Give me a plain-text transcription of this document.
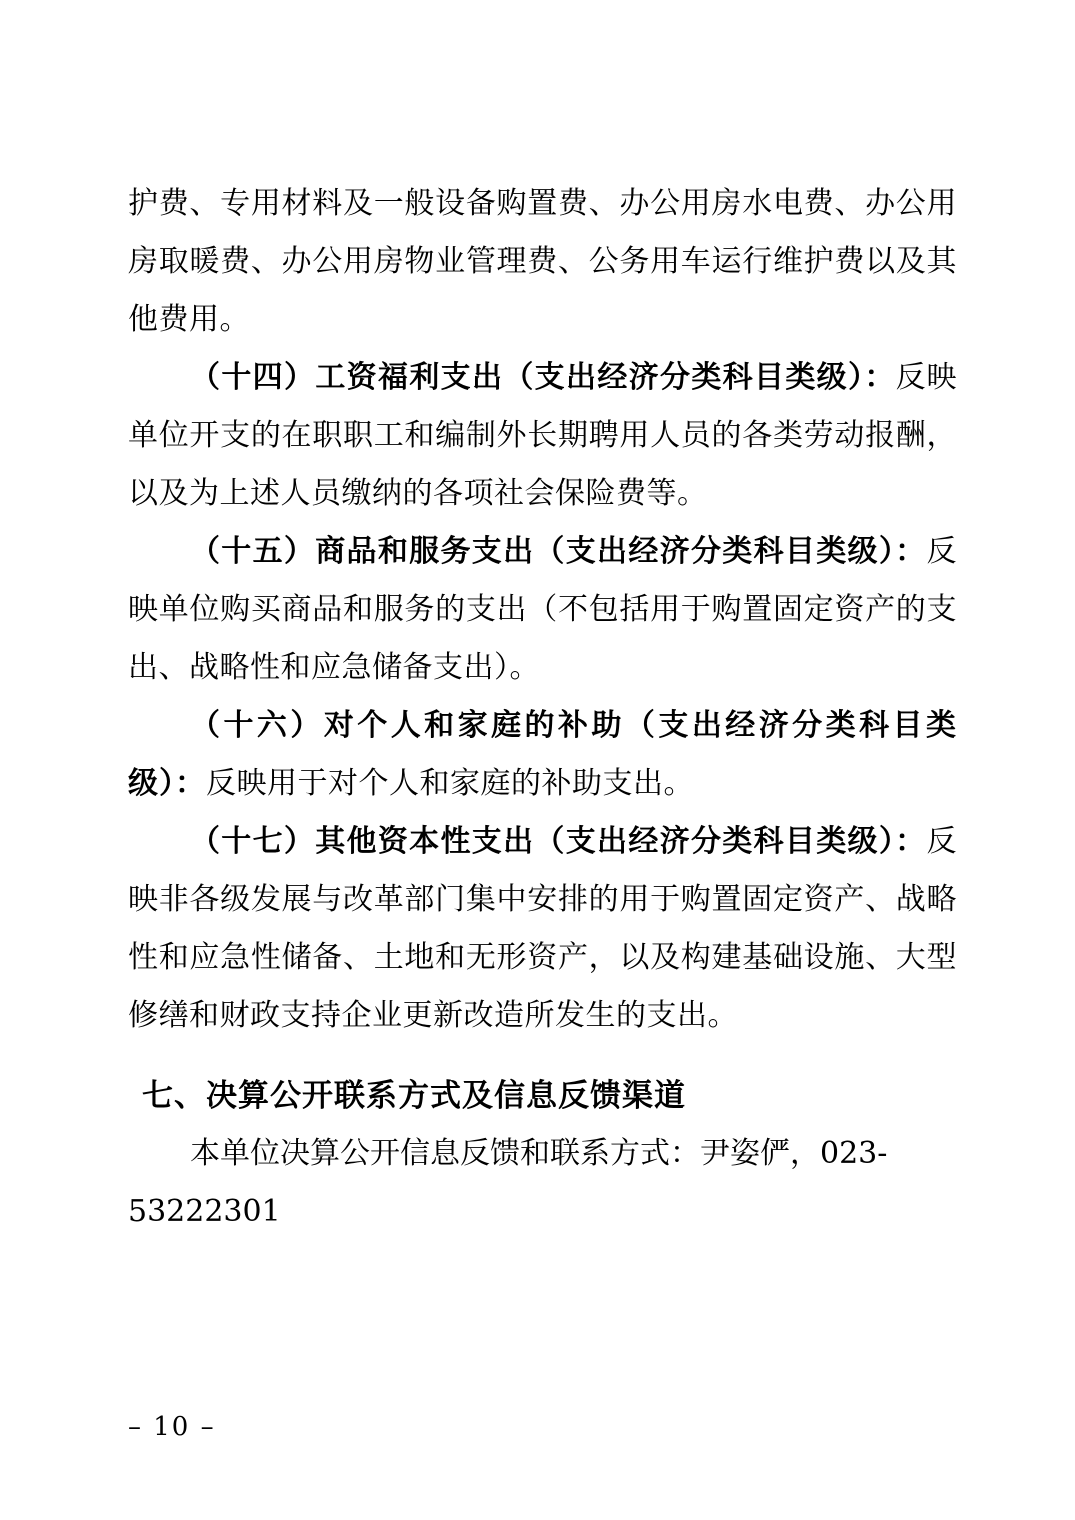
护费、专用材料及一般设备购置费、办公用房水电费、办公用房取暖费、办公用房物业管理费、公务用车运行维护费以及其他费用。

（十四）工资福利支出（支出经济分类科目类级）：反映单位开支的在职职工和编制外长期聘用人员的各类劳动报酬，以及为上述人员缴纳的各项社会保险费等。

（十五）商品和服务支出（支出经济分类科目类级）：反映单位购买商品和服务的支出（不包括用于购置固定资产的支出、战略性和应急储备支出）。

（十六）对个人和家庭的补助（支出经济分类科目类级）：反映用于对个人和家庭的补助支出。

（十七）其他资本性支出（支出经济分类科目类级）：反映非各级发展与改革部门集中安排的用于购置固定资产、战略性和应急性储备、土地和无形资产，以及构建基础设施、大型修缮和财政支持企业更新改造所发生的支出。

七、决算公开联系方式及信息反馈渠道

本单位决算公开信息反馈和联系方式：尹姿俨，023-53222301

– 10 –
